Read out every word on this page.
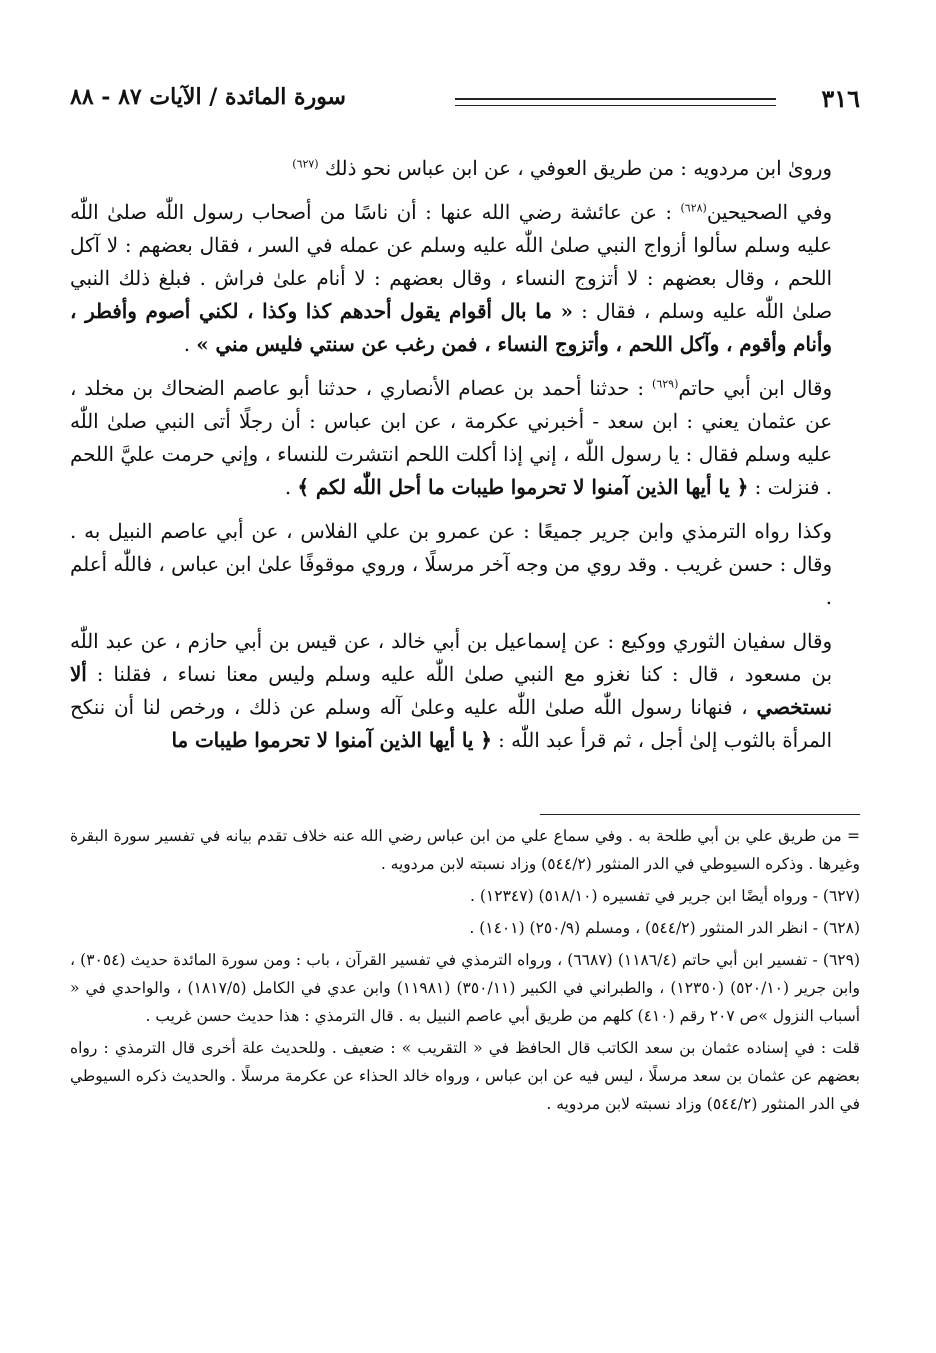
٣١٦
سورة المائدة / الآيات ٨٧ - ٨٨

وروىٰ ابن مردويه : من طريق العوفي ، عن ابن عباس نحو ذلك $^{(٦٢٧)}$

وفي الصحيحين$^{(٦٢٨)}$ : عن عائشة رضي الله عنها : أن ناسًا من أصحاب رسول اللّٰه صلىٰ اللّٰه عليه وسلم سألوا أزواج النبي صلىٰ اللّٰه عليه وسلم عن عمله في السر ، فقال بعضهم : لا آكل اللحم ، وقال بعضهم : لا أتزوج النساء ، وقال بعضهم : لا أنام علىٰ فراش . فبلغ ذلك النبي صلىٰ اللّٰه عليه وسلم ، فقال : « ما بال أقوام يقول أحدهم كذا وكذا ، لكني أصوم وأفطر ، وأنام وأقوم ، وآكل اللحم ، وأتزوج النساء ، فمن رغب عن سنتي فليس مني » .

وقال ابن أبي حاتم$^{(٦٢٩)}$ : حدثنا أحمد بن عصام الأنصاري ، حدثنا أبو عاصم الضحاك بن مخلد ، عن عثمان يعني : ابن سعد - أخبرني عكرمة ، عن ابن عباس : أن رجلًا أتى النبي صلىٰ اللّٰه عليه وسلم فقال : يا رسول اللّٰه ، إني إذا أكلت اللحم انتشرت للنساء ، وإني حرمت عليَّ اللحم . فنزلت : ﴿ يا أيها الذين آمنوا لا تحرموا طيبات ما أحل اللّٰه لكم ﴾ .

وكذا رواه الترمذي وابن جرير جميعًا : عن عمرو بن علي الفلاس ، عن أبي عاصم النبيل به . وقال : حسن غريب . وقد روي من وجه آخر مرسلًا ، وروي موقوفًا علىٰ ابن عباس ، فاللّٰه أعلم .

وقال سفيان الثوري ووكيع : عن إسماعيل بن أبي خالد ، عن قيس بن أبي حازم ، عن عبد اللّٰه بن مسعود ، قال : كنا نغزو مع النبي صلىٰ اللّٰه عليه وسلم وليس معنا نساء ، فقلنا : ألا نستخصي ، فنهانا رسول اللّٰه صلىٰ اللّٰه عليه وعلىٰ آله وسلم عن ذلك ، ورخص لنا أن ننكح المرأة بالثوب إلىٰ أجل ، ثم قرأ عبد اللّٰه : ﴿ يا أيها الذين آمنوا لا تحرموا طيبات ما

= من طريق علي بن أبي طلحة به . وفي سماع علي من ابن عباس رضي الله عنه خلاف تقدم بيانه في تفسير سورة البقرة وغيرها . وذكره السيوطي في الدر المنثور (٥٤٤/٢) وزاد نسبته لابن مردويه .

(٦٢٧) - ورواه أيضًا ابن جرير في تفسيره (٥١٨/١٠) (١٢٣٤٧) .

(٦٢٨) - انظر الدر المنثور (٥٤٤/٢) ، ومسلم (٢٥٠/٩) (١٤٠١) .

(٦٢٩) - تفسير ابن أبي حاتم (١١٨٦/٤) (٦٦٨٧) ، ورواه الترمذي في تفسير القرآن ، باب : ومن سورة المائدة حديث (٣٠٥٤) ، وابن جرير (٥٢٠/١٠) (١٢٣٥٠) ، والطبراني في الكبير (٣٥٠/١١) (١١٩٨١) وابن عدي في الكامل (١٨١٧/٥) ، والواحدي في « أسباب النزول »ص ٢٠٧ رقم (٤١٠) كلهم من طريق أبي عاصم النبيل به . قال الترمذي : هذا حديث حسن غريب .

قلت : في إسناده عثمان بن سعد الكاتب قال الحافظ في « التقريب » : ضعيف . وللحديث علة أخرى قال الترمذي : رواه بعضهم عن عثمان بن سعد مرسلًا ، ليس فيه عن ابن عباس ، ورواه خالد الحذاء عن عكرمة مرسلًا . والحديث ذكره السيوطي في الدر المنثور (٥٤٤/٢) وزاد نسبته لابن مردويه .
